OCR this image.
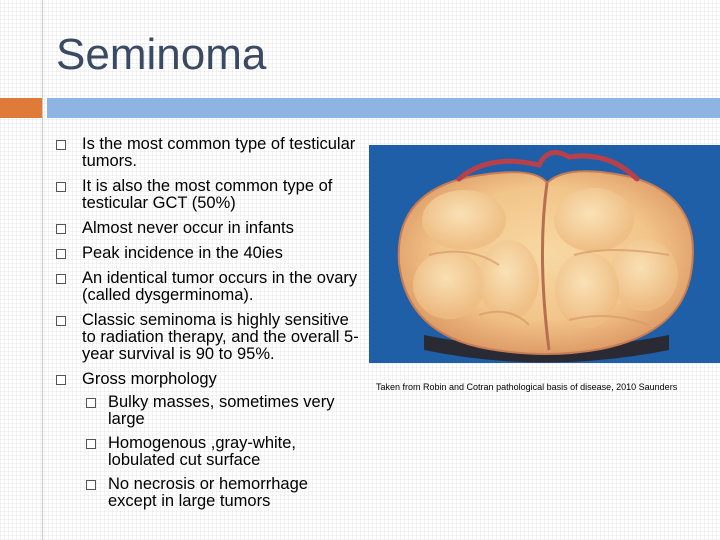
Seminoma
Is the most common type of testicular tumors.
It is also the most common type of testicular GCT (50%)
Almost never occur in infants
Peak incidence in the 40ies
An identical tumor occurs in the ovary (called dysgerminoma).
Classic seminoma is highly sensitive to radiation therapy, and the overall 5-year survival is 90 to 95%.
Gross morphology
Bulky masses, sometimes very large
Homogenous ,gray-white, lobulated cut surface
No necrosis or hemorrhage except in large tumors

Taken from Robin and Cotran pathological basis of disease, 2010 Saunders
